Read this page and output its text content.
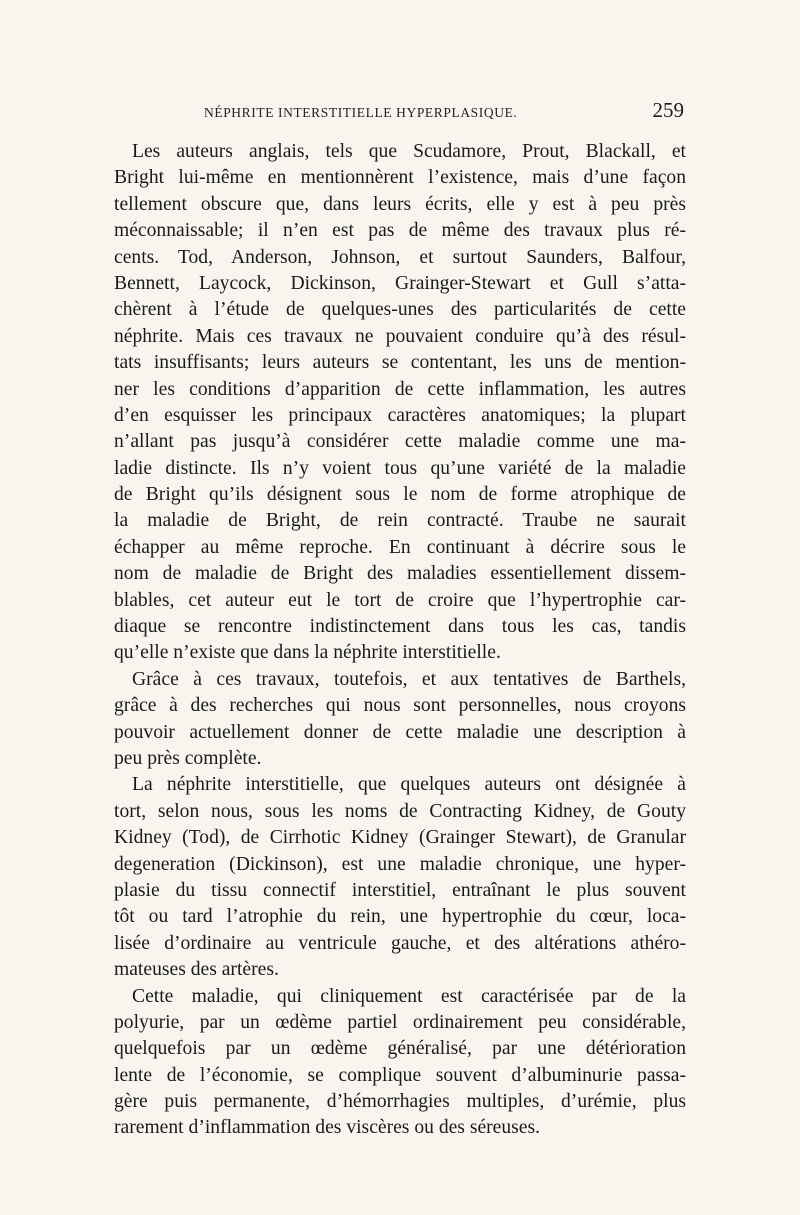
NÉPHRITE INTERSTITIELLE HYPERPLASIQUE.	259
Les auteurs anglais, tels que Scudamore, Prout, Blackall, et
Bright lui-même en mentionnèrent l’existence, mais d’une façon
tellement obscure que, dans leurs écrits, elle y est à peu près
méconnaissable; il n’en est pas de même des travaux plus ré-
cents. Tod, Anderson, Johnson, et surtout Saunders, Balfour,
Bennett, Laycock, Dickinson, Grainger-Stewart et Gull s’atta-
chèrent à l’étude de quelques-unes des particularités de cette
néphrite. Mais ces travaux ne pouvaient conduire qu’à des résul-
tats insuffisants; leurs auteurs se contentant, les uns de mention-
ner les conditions d’apparition de cette inflammation, les autres
d’en esquisser les principaux caractères anatomiques; la plupart
n’allant pas jusqu’à considérer cette maladie comme une ma-
ladie distincte. Ils n’y voient tous qu’une variété de la maladie
de Bright qu’ils désignent sous le nom de forme atrophique de
la maladie de Bright, de rein contracté. Traube ne saurait
échapper au même reproche. En continuant à décrire sous le
nom de maladie de Bright des maladies essentiellement dissem-
blables, cet auteur eut le tort de croire que l’hypertrophie car-
diaque se rencontre indistinctement dans tous les cas, tandis
qu’elle n’existe que dans la néphrite interstitielle.
Grâce à ces travaux, toutefois, et aux tentatives de Barthels,
grâce à des recherches qui nous sont personnelles, nous croyons
pouvoir actuellement donner de cette maladie une description à
peu près complète.
La néphrite interstitielle, que quelques auteurs ont désignée à
tort, selon nous, sous les noms de Contracting Kidney, de Gouty
Kidney (Tod), de Cirrhotic Kidney (Grainger Stewart), de Granular
degeneration (Dickinson), est une maladie chronique, une hyper-
plasie du tissu connectif interstitiel, entraînant le plus souvent
tôt ou tard l’atrophie du rein, une hypertrophie du cœur, loca-
lisée d’ordinaire au ventricule gauche, et des altérations athéro-
mateuses des artères.
Cette maladie, qui cliniquement est caractérisée par de la
polyurie, par un œdème partiel ordinairement peu considérable,
quelquefois par un œdème généralisé, par une détérioration
lente de l’économie, se complique souvent d’albuminurie passa-
gère puis permanente, d’hémorrhagies multiples, d’urémie, plus
rarement d’inflammation des viscères ou des séreuses.
